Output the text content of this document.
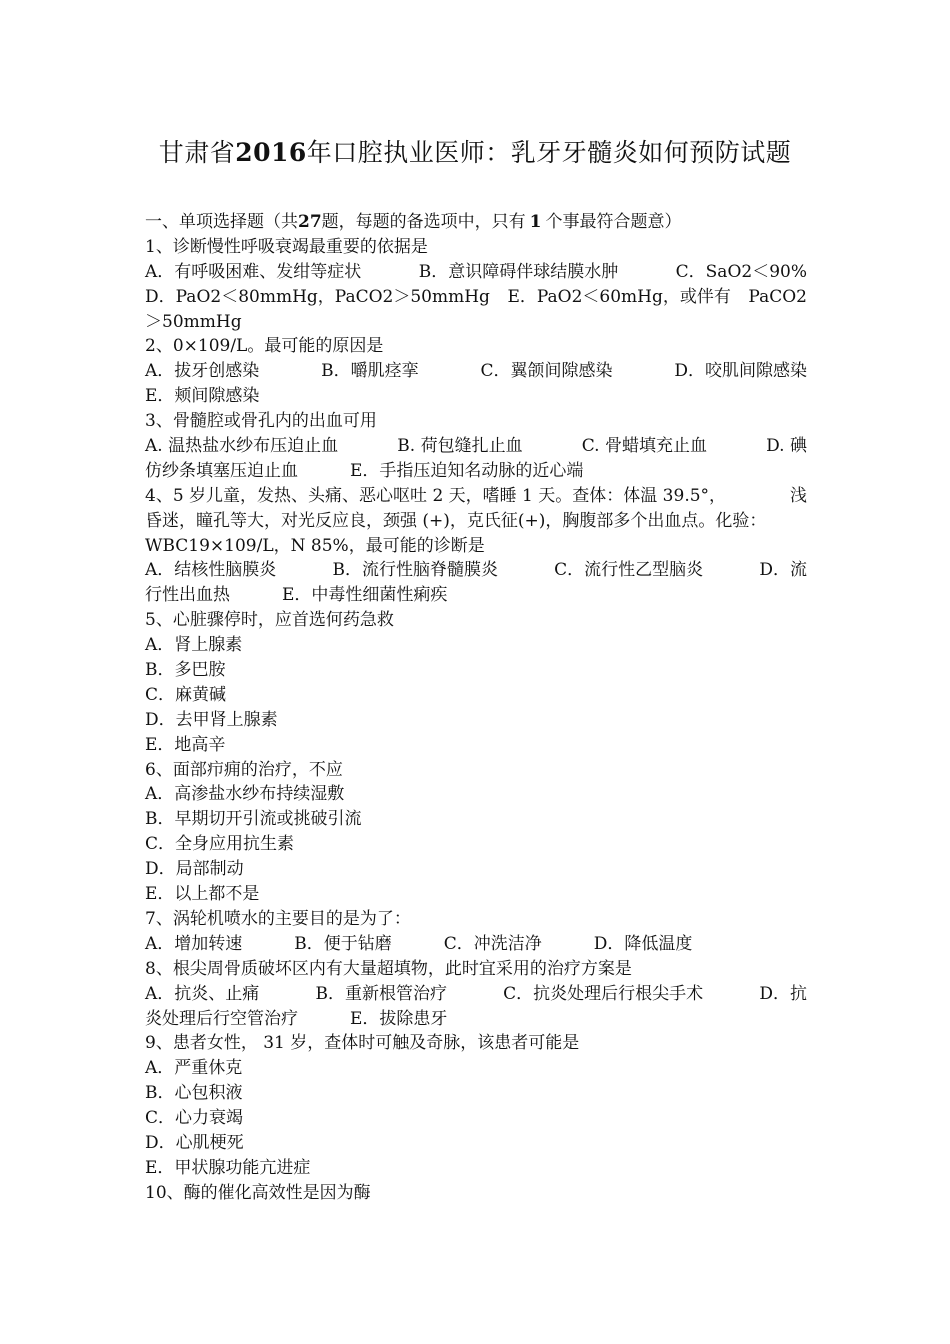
甘肃省2016年口腔执业医师：乳牙牙髓炎如何预防试题
一、单项选择题（共27题，每题的备选项中，只有 1 个事最符合题意）
1、诊断慢性呼吸衰竭最重要的依据是
A．有呼吸困难、发绀等症状	B．意识障碍伴球结膜水肿	C．SaO2＜90%
D．PaO2＜80mmHg，PaCO2＞50mmHg E．PaO2＜60mHg，或伴有 PaCO2
＞50mmHg
2、0×109/L。最可能的原因是
A．拔牙创感染	B．嚼肌痉挛	C．翼颌间隙感染	D．咬肌间隙感染
E．颊间隙感染
3、骨髓腔或骨孔内的出血可用
A. 温热盐水纱布压迫止血	B. 荷包缝扎止血	C. 骨蜡填充止血	D. 碘
仿纱条填塞压迫止血	E．手指压迫知名动脉的近心端
4、5 岁儿童，发热、头痛、恶心呕吐 2 天，嗜睡 1 天。查体：体温 39.5°，	浅
昏迷，瞳孔等大，对光反应良，颈强 (+)，克氏征(+)，胸腹部多个出血点。化验：
WBC19×109/L，N 85%，最可能的诊断是
A．结核性脑膜炎	B．流行性脑脊髓膜炎	C．流行性乙型脑炎	D．流
行性出血热	E．中毒性细菌性痢疾
5、心脏骤停时，应首选何药急救
A．肾上腺素
B．多巴胺
C．麻黄碱
D．去甲肾上腺素
E．地高辛
6、面部疖痈的治疗，不应
A．高渗盐水纱布持续湿敷
B．早期切开引流或挑破引流
C．全身应用抗生素
D．局部制动
E．以上都不是
7、涡轮机喷水的主要目的是为了：
A．增加转速	B．便于钻磨	C．冲洗洁净	D．降低温度
8、根尖周骨质破坏区内有大量超填物，此时宜采用的治疗方案是
A．抗炎、止痛	B．重新根管治疗	C．抗炎处理后行根尖手术	D．抗
炎处理后行空管治疗	E．拔除患牙
9、患者女性， 31 岁，查体时可触及奇脉，该患者可能是
A．严重休克
B．心包积液
C．心力衰竭
D．心肌梗死
E．甲状腺功能亢进症
10、酶的催化高效性是因为酶
